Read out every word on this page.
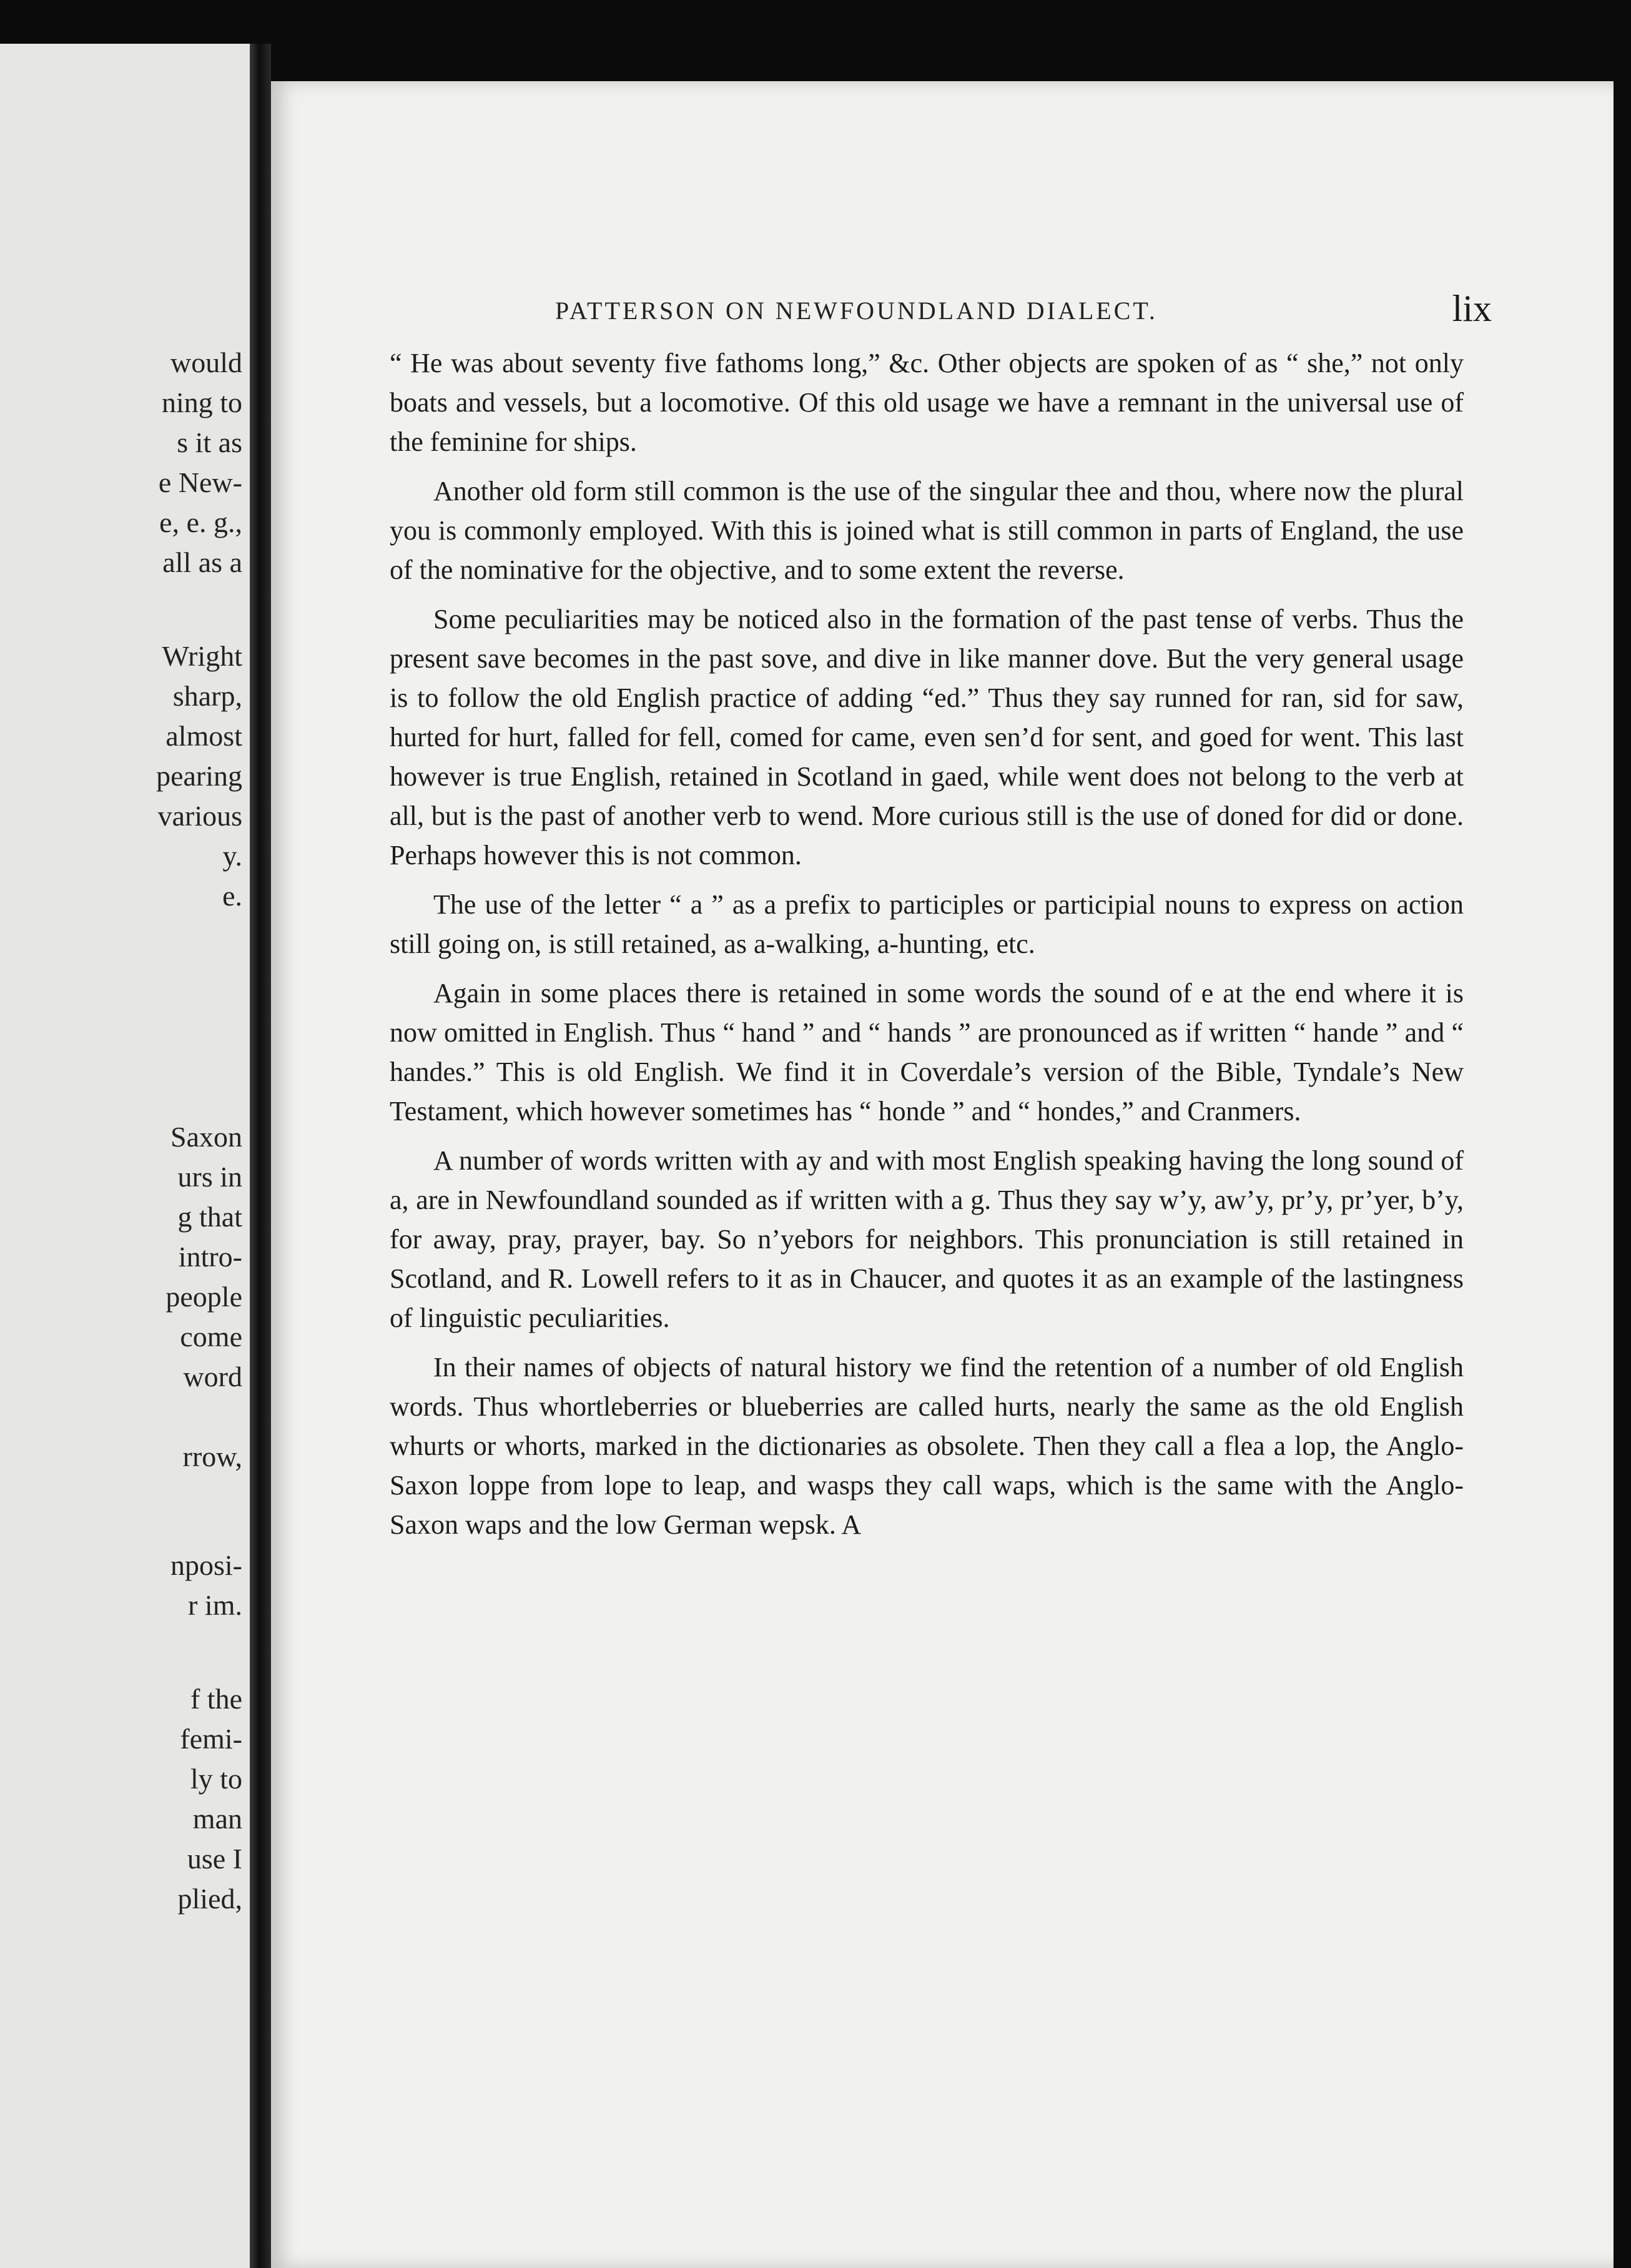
would

ning to

s it as

e New-

e, e. g.,

all as a

Wright

sharp,

almost

pearing

various

y.

e.

Saxon

urs in

g that

intro-

people

come

word

rrow,

nposi-

r im.

f the

femi-

ly to

man

use I

plied,

PATTERSON ON NEWFOUNDLAND DIALECT.	lix

“ He was about seventy five fathoms long,” &c. Other objects are spoken of as “ she,” not only boats and vessels, but a locomotive. Of this old usage we have a remnant in the universal use of the feminine for ships.

Another old form still common is the use of the singular thee and thou, where now the plural you is commonly employed. With this is joined what is still common in parts of England, the use of the nominative for the objective, and to some extent the reverse.

Some peculiarities may be noticed also in the formation of the past tense of verbs. Thus the present save becomes in the past sove, and dive in like manner dove. But the very general usage is to follow the old English practice of adding “ed.” Thus they say runned for ran, sid for saw, hurted for hurt, falled for fell, comed for came, even sen’d for sent, and goed for went. This last however is true English, retained in Scotland in gaed, while went does not belong to the verb at all, but is the past of another verb to wend. More curious still is the use of doned for did or done. Perhaps however this is not common.

The use of the letter “ a ” as a prefix to participles or participial nouns to express on action still going on, is still retained, as a-walking, a-hunting, etc.

Again in some places there is retained in some words the sound of e at the end where it is now omitted in English. Thus “ hand ” and “ hands ” are pronounced as if written “ hande ” and “ handes.” This is old English. We find it in Coverdale’s version of the Bible, Tyndale’s New Testament, which however sometimes has “ honde ” and “ hondes,” and Cranmers.

A number of words written with ay and with most English speaking having the long sound of a, are in Newfoundland sounded as if written with a g. Thus they say w’y, aw’y, pr’y, pr’yer, b’y, for away, pray, prayer, bay. So n’yebors for neighbors. This pronunciation is still retained in Scotland, and R. Lowell refers to it as in Chaucer, and quotes it as an example of the lastingness of linguistic peculiarities.

In their names of objects of natural history we find the retention of a number of old English words. Thus whortleberries or blueberries are called hurts, nearly the same as the old English whurts or whorts, marked in the dictionaries as obsolete. Then they call a flea a lop, the Anglo-Saxon loppe from lope to leap, and wasps they call waps, which is the same with the Anglo-Saxon waps and the low German wepsk. A
